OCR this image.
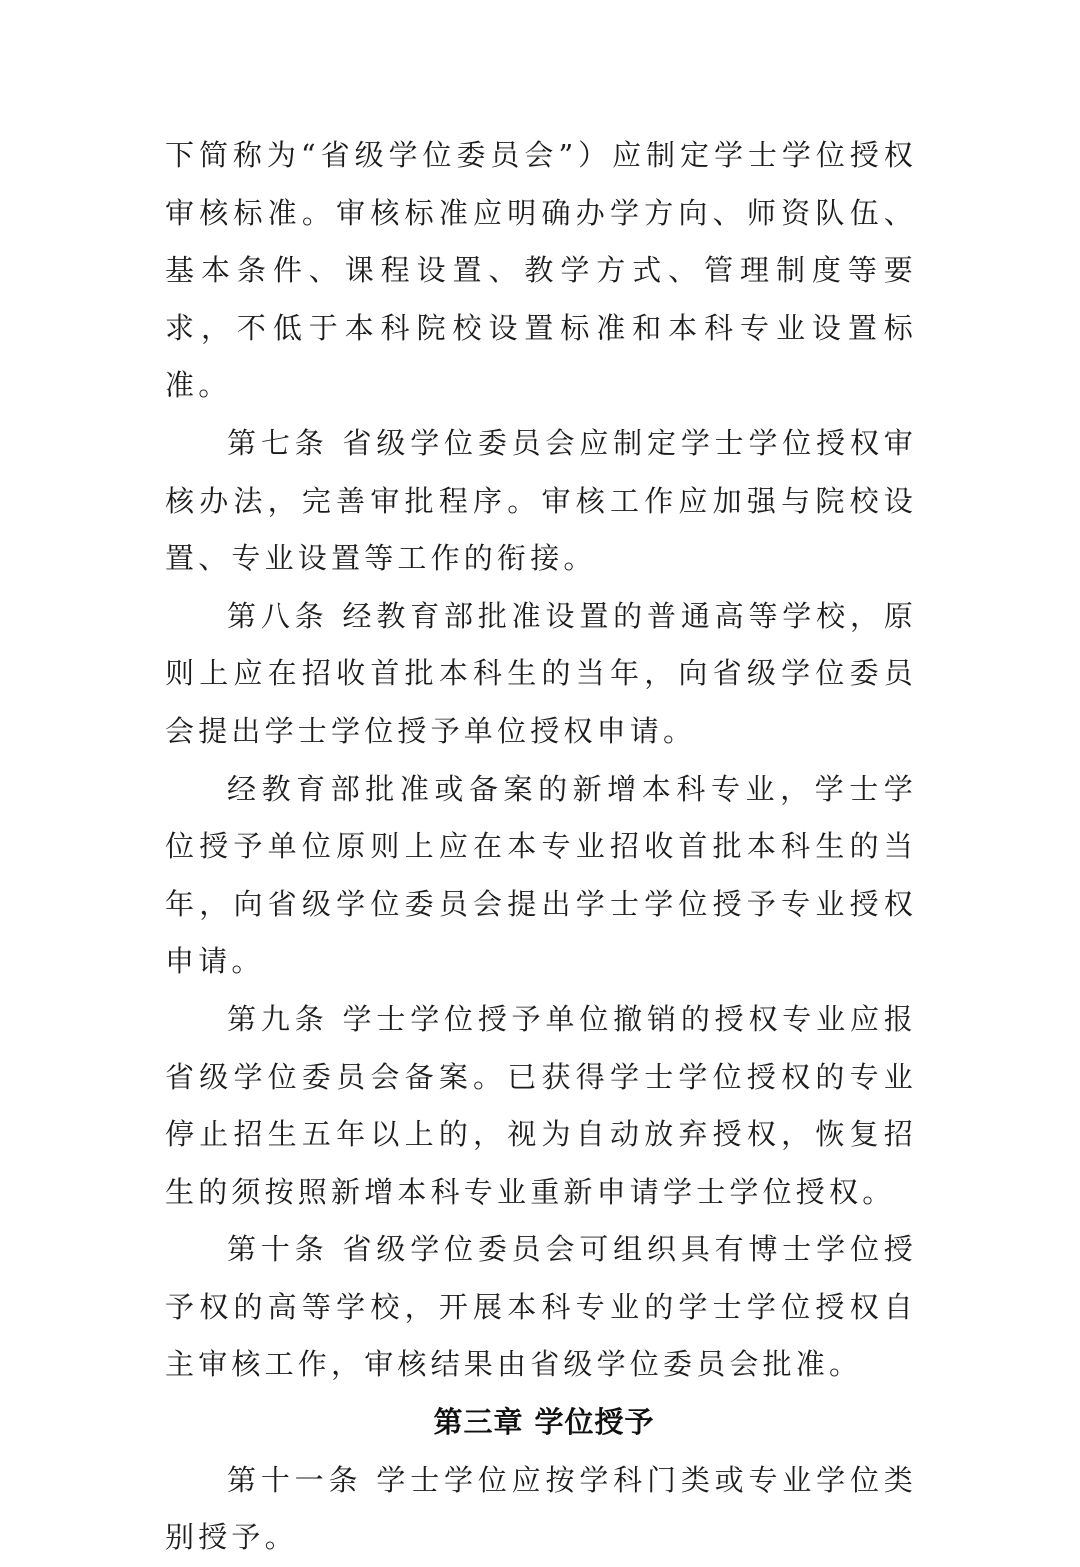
下简称为“省级学位委员会”）应制定学士学位授权审核标准。审核标准应明确办学方向、师资队伍、基本条件、课程设置、教学方式、管理制度等要求，不低于本科院校设置标准和本科专业设置标准。

第七条 省级学位委员会应制定学士学位授权审核办法，完善审批程序。审核工作应加强与院校设置、专业设置等工作的衔接。

第八条 经教育部批准设置的普通高等学校，原则上应在招收首批本科生的当年，向省级学位委员会提出学士学位授予单位授权申请。

经教育部批准或备案的新增本科专业，学士学位授予单位原则上应在本专业招收首批本科生的当年，向省级学位委员会提出学士学位授予专业授权申请。

第九条 学士学位授予单位撤销的授权专业应报省级学位委员会备案。已获得学士学位授权的专业停止招生五年以上的，视为自动放弃授权，恢复招生的须按照新增本科专业重新申请学士学位授权。

第十条 省级学位委员会可组织具有博士学位授予权的高等学校，开展本科专业的学士学位授权自主审核工作，审核结果由省级学位委员会批准。

第三章 学位授予

第十一条 学士学位应按学科门类或专业学位类别授予。
